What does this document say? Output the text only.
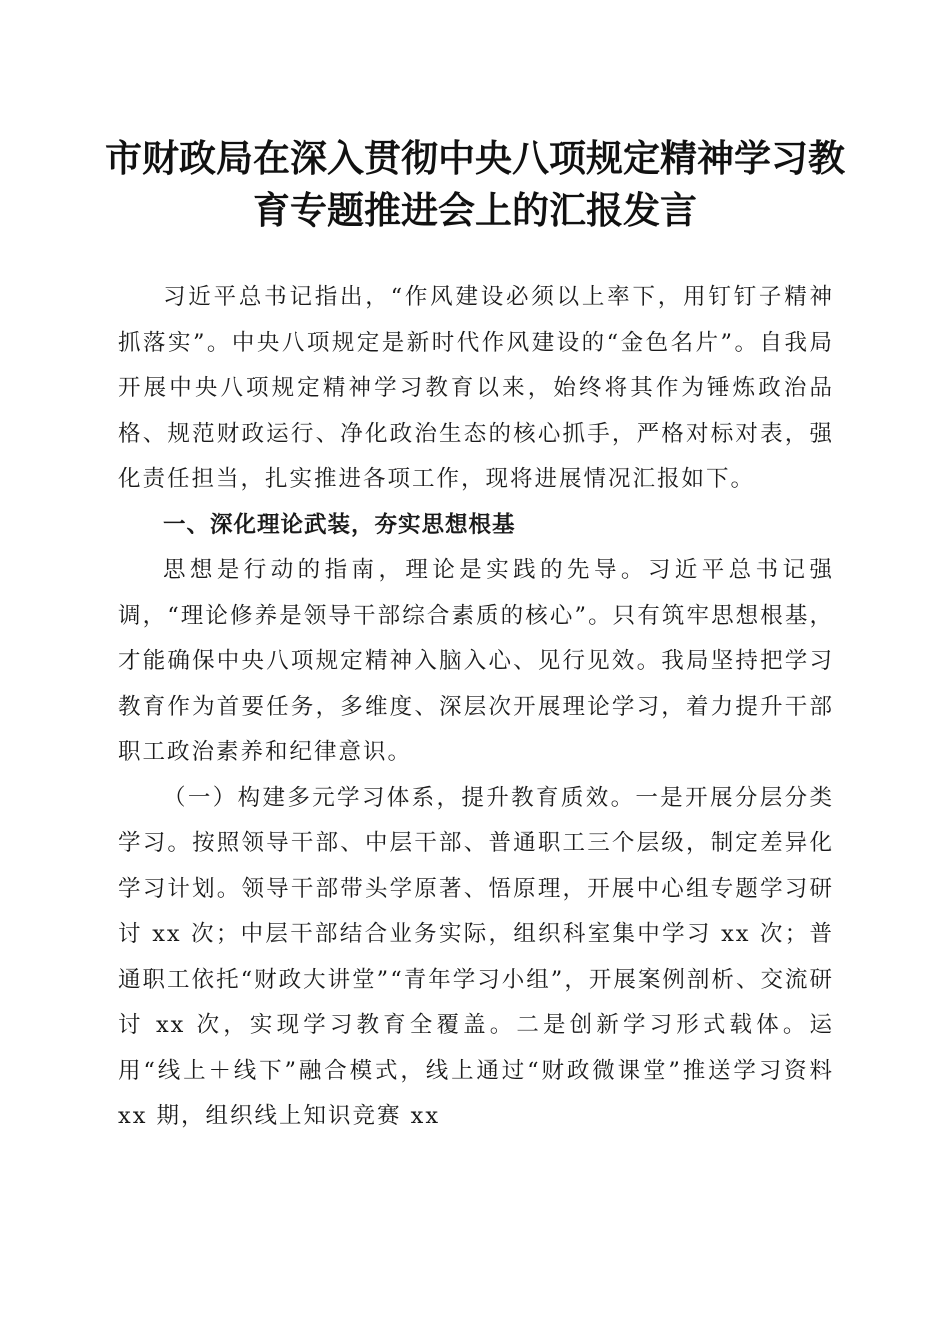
市财政局在深入贯彻中央八项规定精神学习教
育专题推进会上的汇报发言

习近平总书记指出，“作风建设必须以上率下，用钉钉子精神抓落实”。中央八项规定是新时代作风建设的“金色名片”。自我局开展中央八项规定精神学习教育以来，始终将其作为锤炼政治品格、规范财政运行、净化政治生态的核心抓手，严格对标对表，强化责任担当，扎实推进各项工作，现将进展情况汇报如下。

一、深化理论武装，夯实思想根基

思想是行动的指南，理论是实践的先导。习近平总书记强调，“理论修养是领导干部综合素质的核心”。只有筑牢思想根基，才能确保中央八项规定精神入脑入心、见行见效。我局坚持把学习教育作为首要任务，多维度、深层次开展理论学习，着力提升干部职工政治素养和纪律意识。

（一）构建多元学习体系，提升教育质效。一是开展分层分类学习。按照领导干部、中层干部、普通职工三个层级，制定差异化学习计划。领导干部带头学原著、悟原理，开展中心组专题学习研讨 xx 次；中层干部结合业务实际，组织科室集中学习 xx 次；普通职工依托“财政大讲堂”“青年学习小组”，开展案例剖析、交流研讨 xx 次，实现学习教育全覆盖。二是创新学习形式载体。运用“线上＋线下”融合模式，线上通过“财政微课堂”推送学习资料 xx 期，组织线上知识竞赛 xx
